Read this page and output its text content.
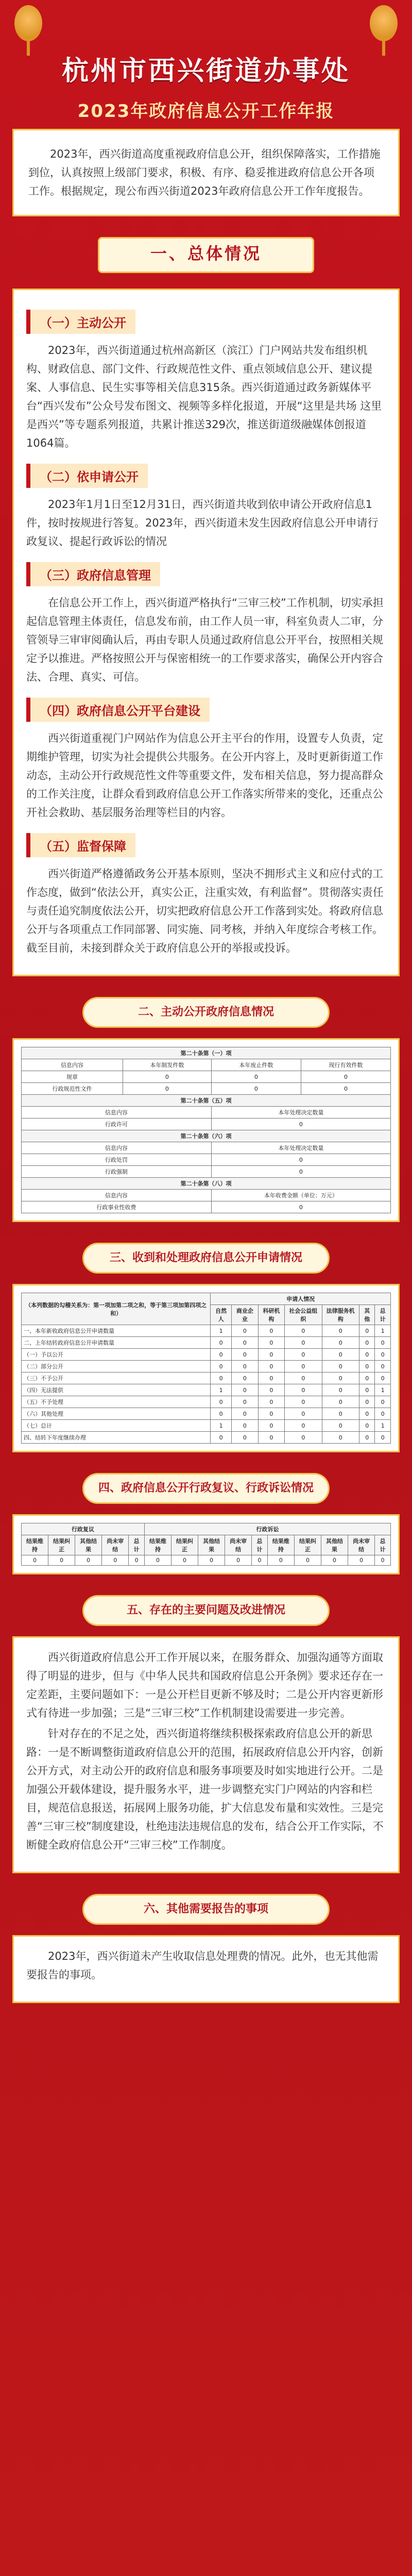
杭州市西兴街道办事处
2023年政府信息公开工作年报

2023年，西兴街道高度重视政府信息公开，组织保障落实，工作措施到位，认真按照上级部门要求，积极、有序、稳妥推进政府信息公开各项工作。根据规定，现公布西兴街道2023年政府信息公开工作年度报告。

一、总体情况
（一）主动公开

2023年，西兴街道通过杭州高新区（滨江）门户网站共发布组织机构、财政信息、部门文件、行政规范性文件、重点领域信息公开、建议提案、人事信息、民生实事等相关信息315条。西兴街道通过政务新媒体平台“西兴发布”公众号发布图文、视频等多样化报道，开展“这里是共场 这里是西兴”等专题系列报道，共累计推送329次，推送街道级融媒体创报道1064篇。

（二）依申请公开

2023年1月1日至12月31日，西兴街道共收到依申请公开政府信息1件，按时按规进行答复。2023年，西兴街道未发生因政府信息公开申请行政复议、提起行政诉讼的情况

（三）政府信息管理

在信息公开工作上，西兴街道严格执行“三审三校”工作机制，切实承担起信息管理主体责任，信息发布前，由工作人员一审，科室负责人二审，分管领导三审审阅确认后，再由专职人员通过政府信息公开平台，按照相关规定予以推进。严格按照公开与保密相统一的工作要求落实，确保公开内容合法、合理、真实、可信。

（四）政府信息公开平台建设

西兴街道重视门户网站作为信息公开主平台的作用，设置专人负责，定期维护管理，切实为社会提供公共服务。在公开内容上，及时更新街道工作动态，主动公开行政规范性文件等重要文件，发布相关信息，努力提高群众的工作关注度，让群众看到政府信息公开工作落实所带来的变化，还重点公开社会救助、基层服务治理等栏目的内容。

（五）监督保障

西兴街道严格遵循政务公开基本原则，坚决不拥形式主义和应付式的工作态度，做到“依法公开，真实公正，注重实效，有利监督”。贯彻落实责任与责任追究制度依法公开，切实把政府信息公开工作落到实处。将政府信息公开与各项重点工作同部署、同实施、同考核，并纳入年度综合考核工作。截至目前，未接到群众关于政府信息公开的举报或投诉。

二、主动公开政府信息情况
第二十条第（一）项			
信息内容	本年制发件数	本年废止件数	现行有效件数
规章	0	0	0
行政规范性文件	0	0	0
第二十条第（五）项			
信息内容		本年处理决定数量	
行政许可		0	
第二十条第（六）项			
信息内容		本年处理决定数量	
行政处罚		0	
行政强制		0	
第二十条第（八）项			
信息内容		本年收费金额（单位：万元）	
行政事业性收费		0	
三、收到和处理政府信息公开申请情况
（本列数据的勾稽关系为：第一项加第二项之和，等于第三项加第四项之和）	申请人情况						
	自然人	商业企业	科研机构	社会公益组织	法律服务机构	其他	总计
一、本年新收政府信息公开申请数量	1	0	0	0	0	0	1
二、上年结转政府信息公开申请数量	0	0	0	0	0	0	0
（一）予以公开	0	0	0	0	0	0	0
（二）部分公开	0	0	0	0	0	0	0
（三）不予公开	0	0	0	0	0	0	0
（四）无法提供	1	0	0	0	0	0	1
（五）不予处理	0	0	0	0	0	0	0
（六）其他处理	0	0	0	0	0	0	0
（七）总计	1	0	0	0	0	0	1
四、结转下年度继续办理	0	0	0	0	0	0	0
四、政府信息公开行政复议、行政诉讼情况
行政复议					行政诉讼									
结果维持	结果纠正	其他结果	尚未审结	总计	结果维持	结果纠正	其他结果	尚未审结	总计	结果维持	结果纠正	其他结果	尚未审结	总计
0	0	0	0	0	0	0	0	0	0	0	0	0	0	0
五、存在的主要问题及改进情况

西兴街道政府信息公开工作开展以来，在服务群众、加强沟通等方面取得了明显的进步，但与《中华人民共和国政府信息公开条例》要求还存在一定差距，主要问题如下：一是公开栏目更新不够及时；二是公开内容更新形式有待进一步加强；三是“三审三校”工作机制建设需要进一步完善。

针对存在的不足之处，西兴街道将继续积极探索政府信息公开的新思路：一是不断调整街道政府信息公开的范围，拓展政府信息公开内容，创新公开方式，对主动公开的政府信息和服务事项要及时如实地进行公开。二是加强公开载体建设，提升服务水平，进一步调整充实门户网站的内容和栏目，规范信息报送，拓展网上服务功能，扩大信息发布量和实效性。三是完善“三审三校”制度建设，杜绝违法违规信息的发布，结合公开工作实际，不断健全政府信息公开“三审三校”工作制度。

六、其他需要报告的事项

2023年，西兴街道未产生收取信息处理费的情况。此外，也无其他需要报告的事项。
